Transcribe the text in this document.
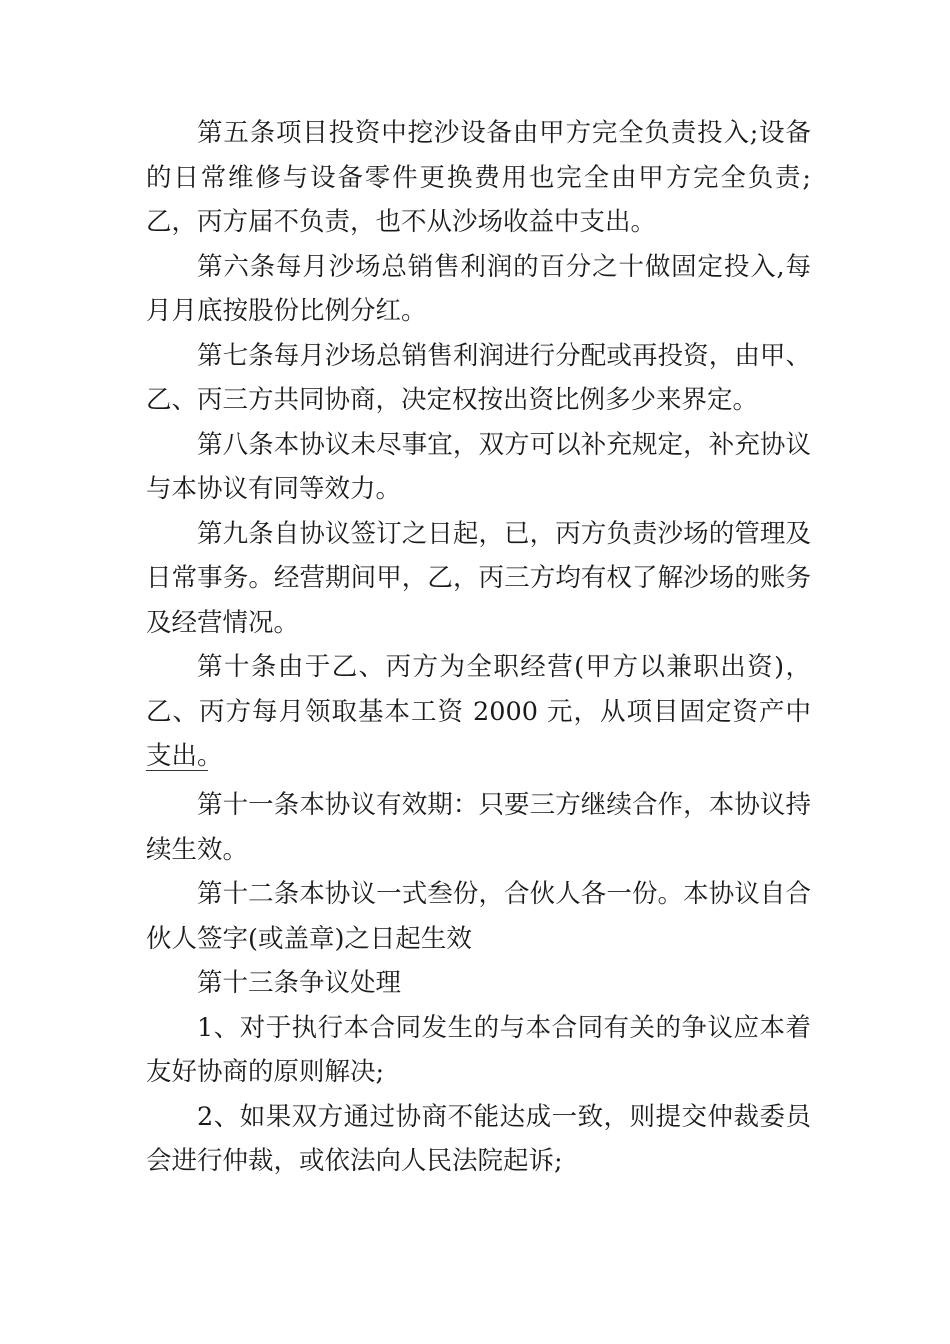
第五条项目投资中挖沙设备由甲方完全负责投入;设备的日常维修与设备零件更换费用也完全由甲方完全负责;乙，丙方届不负责，也不从沙场收益中支出。

第六条每月沙场总销售利润的百分之十做固定投入,每月月底按股份比例分红。

第七条每月沙场总销售利润进行分配或再投资，由甲、乙、丙三方共同协商，决定权按出资比例多少来界定。

第八条本协议未尽事宜，双方可以补充规定，补充协议与本协议有同等效力。

第九条自协议签订之日起，已，丙方负责沙场的管理及日常事务。经营期间甲，乙，丙三方均有权了解沙场的账务及经营情况。

第十条由于乙、丙方为全职经营(甲方以兼职出资)，乙、丙方每月领取基本工资 2000 元，从项目固定资产中支出。

第十一条本协议有效期：只要三方继续合作，本协议持续生效。

第十二条本协议一式叁份，合伙人各一份。本协议自合伙人签字(或盖章)之日起生效

第十三条争议处理

1、对于执行本合同发生的与本合同有关的争议应本着友好协商的原则解决;

2、如果双方通过协商不能达成一致，则提交仲裁委员会进行仲裁，或依法向人民法院起诉;
